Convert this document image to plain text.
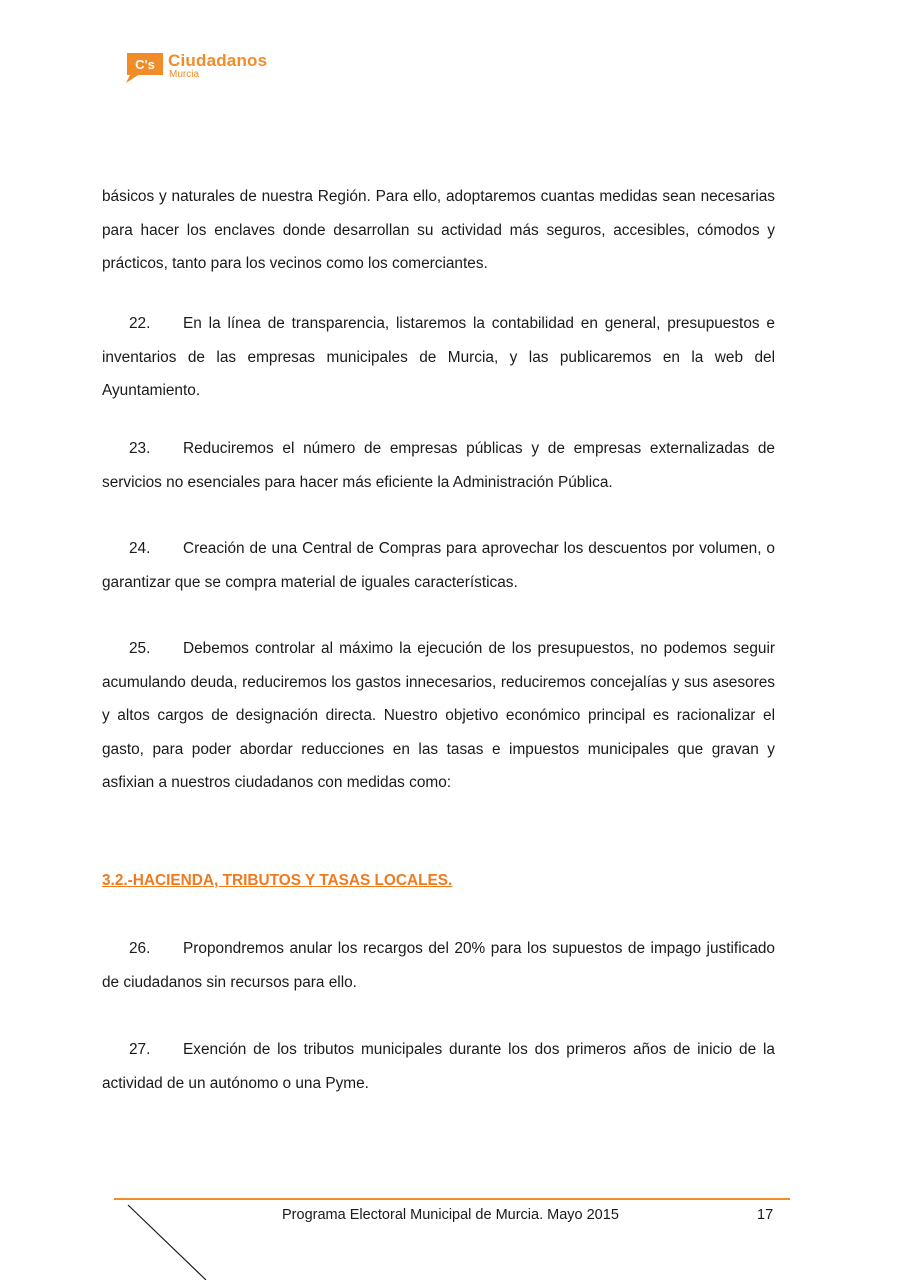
C's Ciudadanos
Murcia

básicos y naturales de nuestra Región. Para ello, adoptaremos cuantas medidas sean necesarias para hacer los enclaves donde desarrollan su actividad más seguros, accesibles, cómodos y prácticos, tanto para los vecinos como los comerciantes.

22. En la línea de transparencia, listaremos la contabilidad en general, presupuestos e inventarios de las empresas municipales de Murcia, y las publicaremos en la web del Ayuntamiento.

23. Reduciremos el número de empresas públicas y de empresas externalizadas de servicios no esenciales para hacer más eficiente la Administración Pública.

24. Creación de una Central de Compras para aprovechar los descuentos por volumen, o garantizar que se compra material de iguales características.

25. Debemos controlar al máximo la ejecución de los presupuestos, no podemos seguir acumulando deuda, reduciremos los gastos innecesarios, reduciremos concejalías y sus asesores y altos cargos de designación directa. Nuestro objetivo económico principal es racionalizar el gasto, para poder abordar reducciones en las tasas e impuestos municipales que gravan y asfixian a nuestros ciudadanos con medidas como:

3.2.-HACIENDA, TRIBUTOS Y TASAS LOCALES.

26. Propondremos anular los recargos del 20% para los supuestos de impago justificado de ciudadanos sin recursos para ello.

27. Exención de los tributos municipales durante los dos primeros años de inicio de la actividad de un autónomo o una Pyme.

Programa Electoral Municipal de Murcia. Mayo 2015	17
